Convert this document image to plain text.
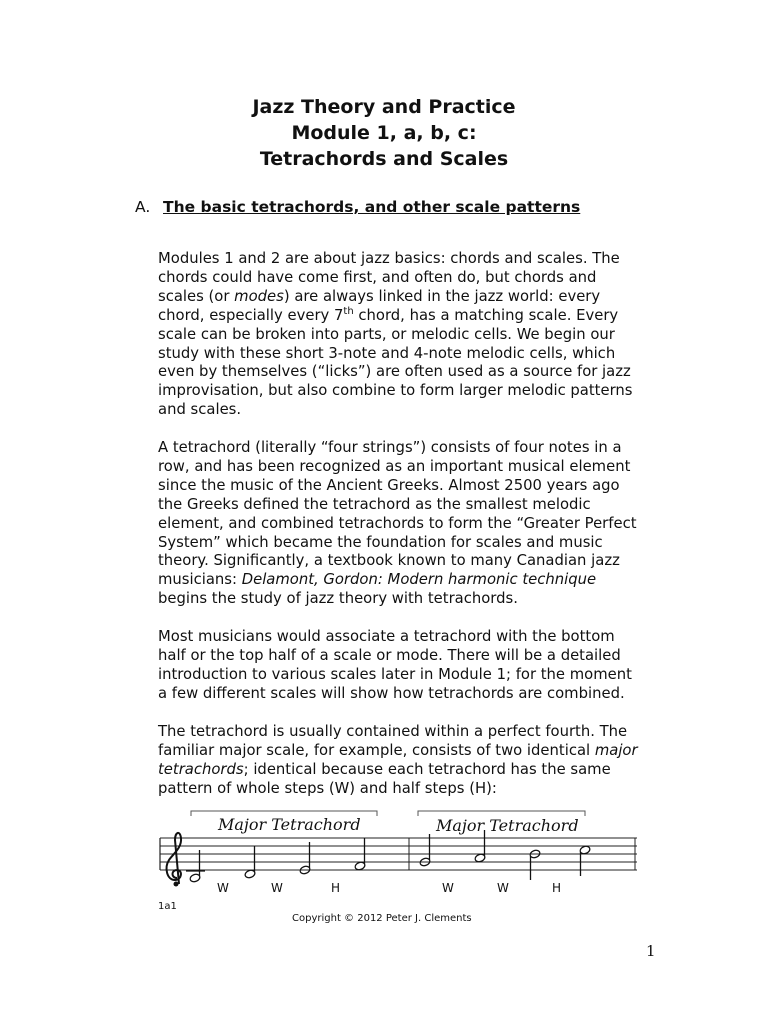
Jazz Theory and Practice
Module 1, a, b, c:
Tetrachords and Scales
A. The basic tetrachords, and other scale patterns
Modules 1 and 2 are about jazz basics: chords and scales. The
chords could have come first, and often do, but chords and
scales (or modes) are always linked in the jazz world: every
chord, especially every 7th chord, has a matching scale. Every
scale can be broken into parts, or melodic cells. We begin our
study with these short 3-note and 4-note melodic cells, which
even by themselves (“licks”) are often used as a source for jazz
improvisation, but also combine to form larger melodic patterns
and scales.
A tetrachord (literally “four strings”) consists of four notes in a
row, and has been recognized as an important musical element
since the music of the Ancient Greeks. Almost 2500 years ago
the Greeks defined the tetrachord as the smallest melodic
element, and combined tetrachords to form the “Greater Perfect
System” which became the foundation for scales and music
theory. Significantly, a textbook known to many Canadian jazz
musicians: Delamont, Gordon: Modern harmonic technique
begins the study of jazz theory with tetrachords.
Most musicians would associate a tetrachord with the bottom
half or the top half of a scale or mode. There will be a detailed
introduction to various scales later in Module 1; for the moment
a few different scales will show how tetrachords are combined.
The tetrachord is usually contained within a perfect fourth. The
familiar major scale, for example, consists of two identical major
tetrachords; identical because each tetrachord has the same
pattern of whole steps (W) and half steps (H):
Major Tetrachord	Major Tetrachord
W	W	H	W	W	H
1a1
Copyright © 2012 Peter J. Clements
1
